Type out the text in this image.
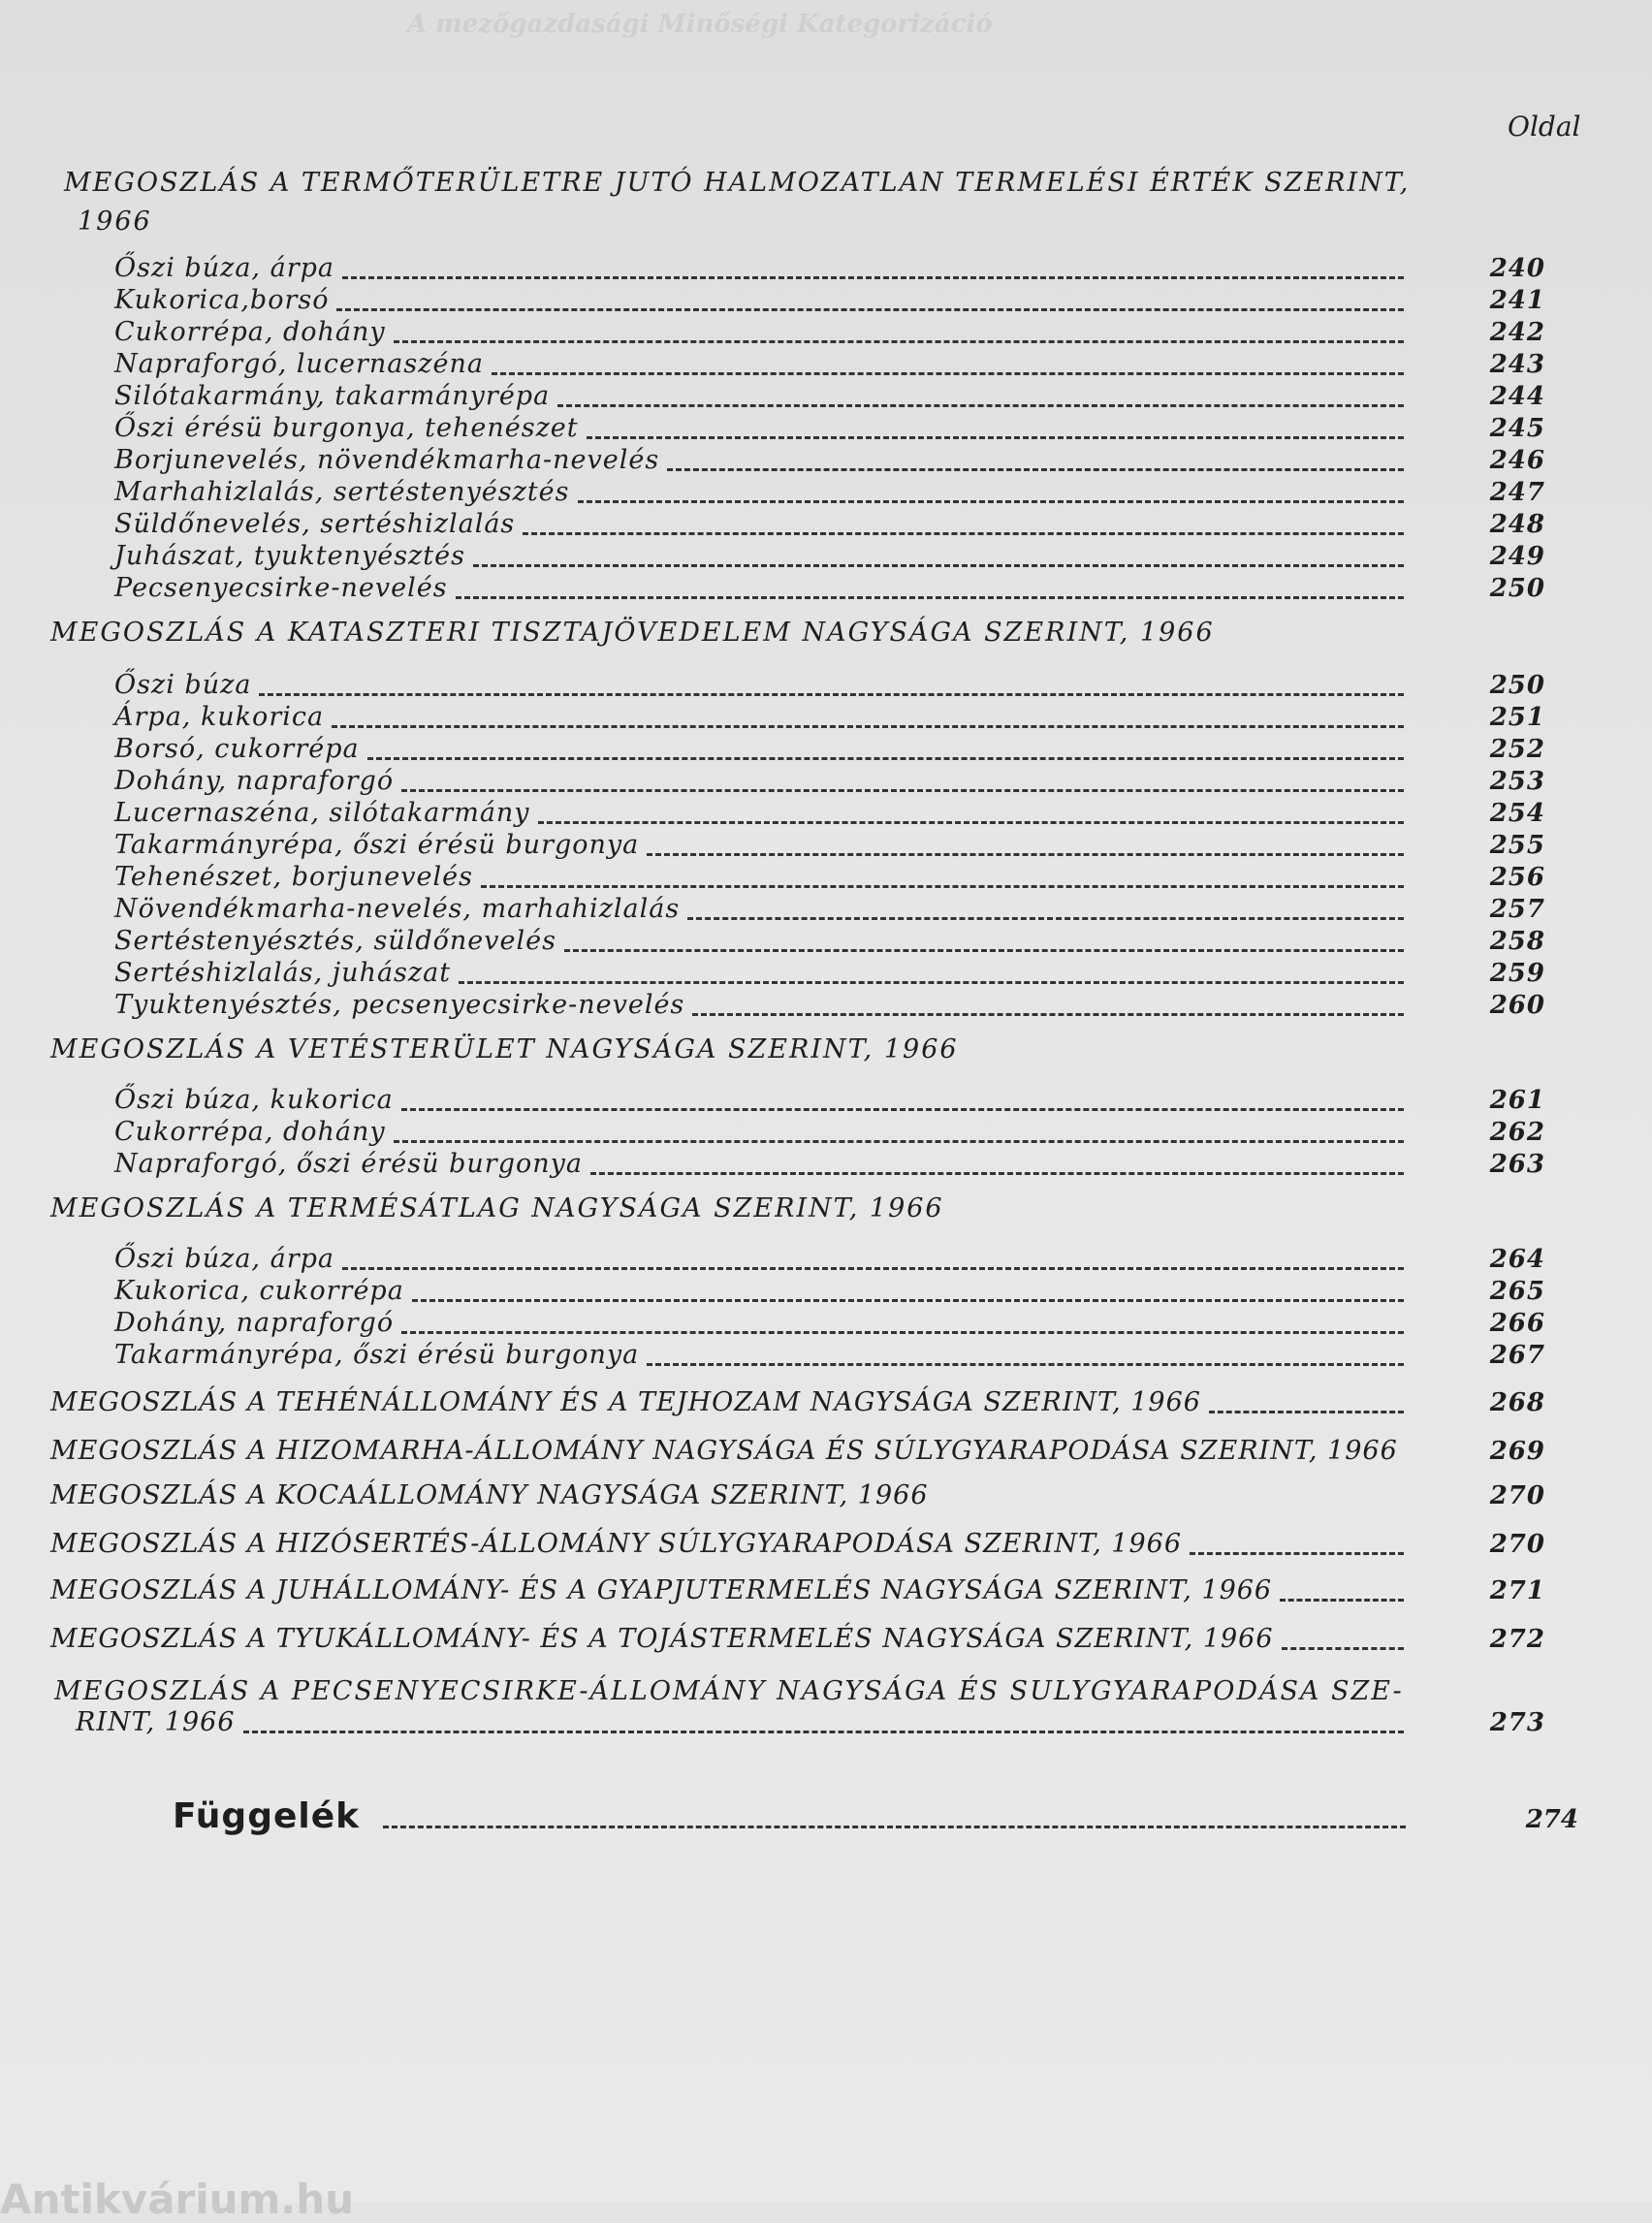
A mezőgazdasági Minőségi Kategorizáció
Oldal
MEGOSZLÁS A TERMŐTERÜLETRE JUTÓ HALMOZATLAN TERMELÉSI ÉRTÉK SZERINT,
1966
Őszi búza, árpa	240
Kukorica,borsó	241
Cukorrépa, dohány	242
Napraforgó, lucernaszéna	243
Silótakarmány, takarmányrépa	244
Őszi érésü burgonya, tehenészet	245
Borjunevelés, növendékmarha-nevelés	246
Marhahizlalás, sertéstenyésztés	247
Süldőnevelés, sertéshizlalás	248
Juhászat, tyuktenyésztés	249
Pecsenyecsirke-nevelés	250
MEGOSZLÁS A KATASZTERI TISZTAJÖVEDELEM NAGYSÁGA SZERINT, 1966
Őszi búza	250
Árpa, kukorica	251
Borsó, cukorrépa	252
Dohány, napraforgó	253
Lucernaszéna, silótakarmány	254
Takarmányrépa, őszi érésü burgonya	255
Tehenészet, borjunevelés	256
Növendékmarha-nevelés, marhahizlalás	257
Sertéstenyésztés, süldőnevelés	258
Sertéshizlalás, juhászat	259
Tyuktenyésztés, pecsenyecsirke-nevelés	260
MEGOSZLÁS A VETÉSTERÜLET NAGYSÁGA SZERINT, 1966
Őszi búza, kukorica	261
Cukorrépa, dohány	262
Napraforgó, őszi érésü burgonya	263
MEGOSZLÁS A TERMÉSÁTLAG NAGYSÁGA SZERINT, 1966
Őszi búza, árpa	264
Kukorica, cukorrépa	265
Dohány, napraforgó	266
Takarmányrépa, őszi érésü burgonya	267
MEGOSZLÁS A TEHÉNÁLLOMÁNY ÉS A TEJHOZAM NAGYSÁGA SZERINT, 1966	268
MEGOSZLÁS A HIZOMARHA-ÁLLOMÁNY NAGYSÁGA ÉS SÚLYGYARAPODÁSA SZERINT, 1966	269
MEGOSZLÁS A KOCAÁLLOMÁNY NAGYSÁGA SZERINT, 1966	270
MEGOSZLÁS A HIZÓSERTÉS-ÁLLOMÁNY SÚLYGYARAPODÁSA SZERINT, 1966	270
MEGOSZLÁS A JUHÁLLOMÁNY- ÉS A GYAPJUTERMELÉS NAGYSÁGA SZERINT, 1966	271
MEGOSZLÁS A TYUKÁLLOMÁNY- ÉS A TOJÁSTERMELÉS NAGYSÁGA SZERINT, 1966	272
MEGOSZLÁS A PECSENYECSIRKE-ÁLLOMÁNY NAGYSÁGA ÉS SULYGYARAPODÁSA SZE-
RINT, 1966	273
Függelék	274
Antikvárium.hu
